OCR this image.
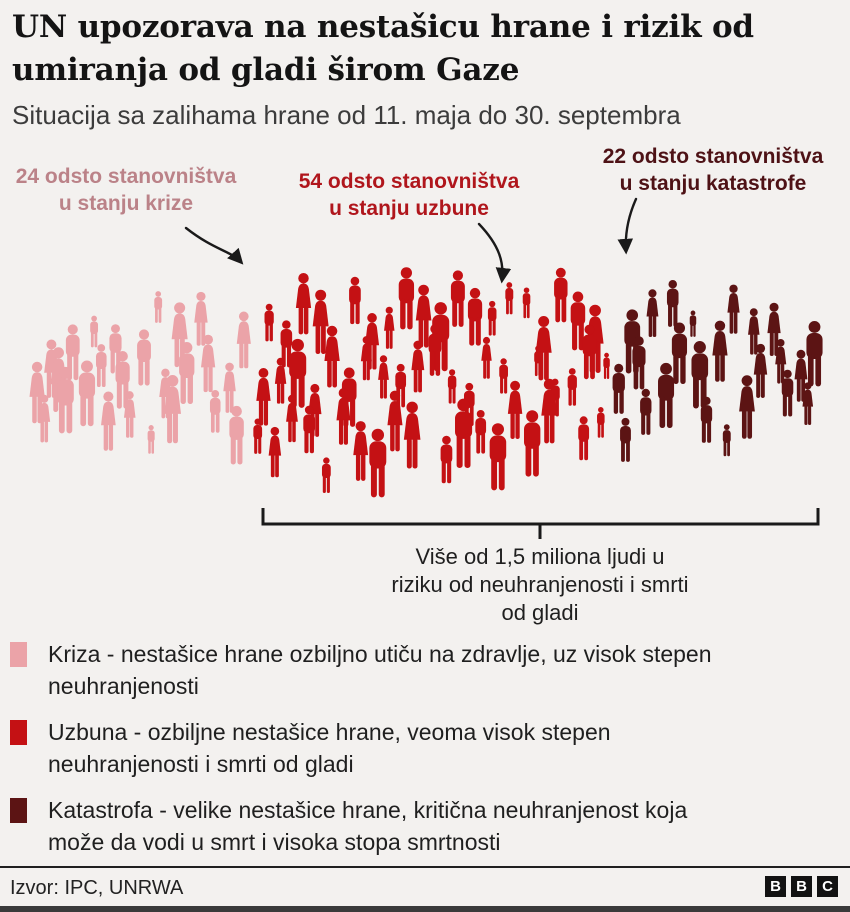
UN upozorava na nestašicu hrane i rizik od
umiranja od gladi širom Gaze

Situacija sa zalihama hrane od 11. maja do 30. septembra

24 odsto stanovništva
u stanju krize
54 odsto stanovništva
u stanju uzbune
22 odsto stanovništva
u stanju katastrofe
Više od 1,5 miliona ljudi u
riziku od neuhranjenosti i smrti
od gladi
Kriza - nestašice hrane ozbiljno utiču na zdravlje, uz visok stepen
neuhranjenosti
Uzbuna - ozbiljne nestašice hrane, veoma visok stepen
neuhranjenosti i smrti od gladi
Katastrofa - velike nestašice hrane, kritična neuhranjenost koja
može da vodi u smrt i visoka stopa smrtnosti
Izvor: IPC, UNRWA	B	B	C
